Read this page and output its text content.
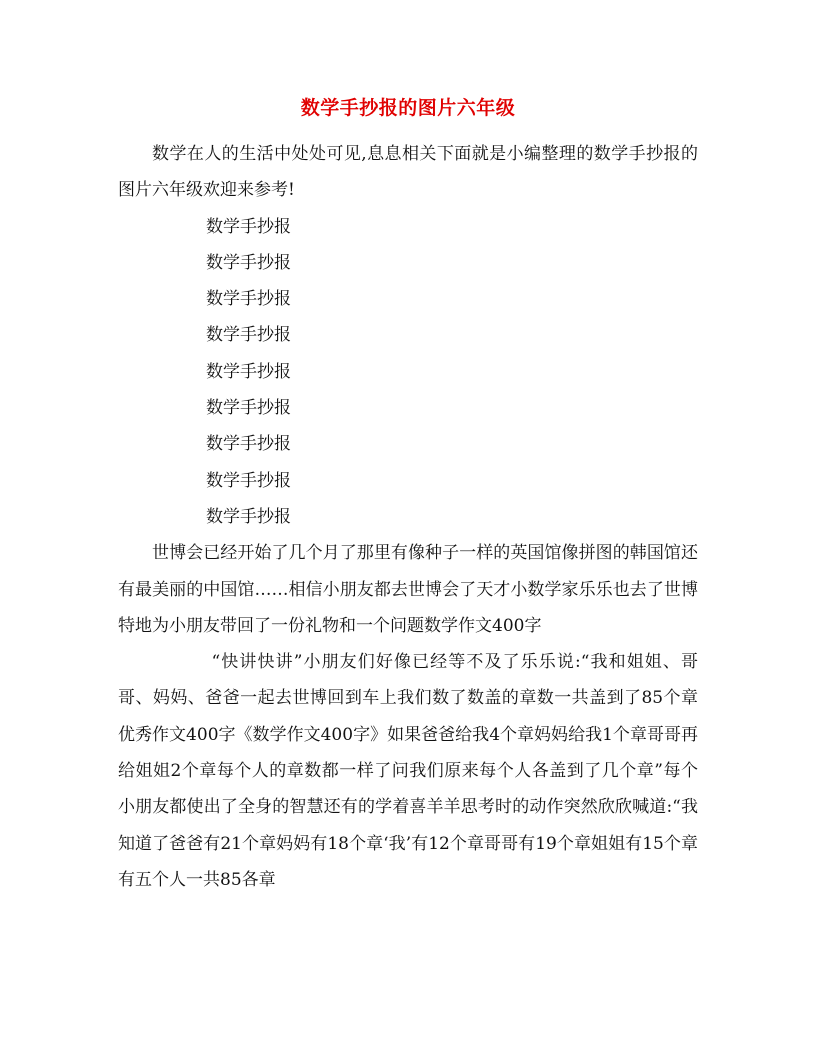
数学手抄报的图片六年级

数学在人的生活中处处可见,息息相关下面就是小编整理的数学手抄报的图片六年级欢迎来参考!

数学手抄报

数学手抄报

数学手抄报

数学手抄报

数学手抄报

数学手抄报

数学手抄报

数学手抄报

数学手抄报

世博会已经开始了几个月了那里有像种子一样的英国馆像拼图的韩国馆还有最美丽的中国馆……相信小朋友都去世博会了天才小数学家乐乐也去了世博特地为小朋友带回了一份礼物和一个问题数学作文400字

“快讲快讲”小朋友们好像已经等不及了乐乐说:“我和姐姐、哥哥、妈妈、爸爸一起去世博回到车上我们数了数盖的章数一共盖到了85个章优秀作文400字《数学作文400字》如果爸爸给我4个章妈妈给我1个章哥哥再给姐姐2个章每个人的章数都一样了问我们原来每个人各盖到了几个章”每个小朋友都使出了全身的智慧还有的学着喜羊羊思考时的动作突然欣欣喊道:“我知道了爸爸有21个章妈妈有18个章‘我’有12个章哥哥有19个章姐姐有15个章有五个人一共85各章
